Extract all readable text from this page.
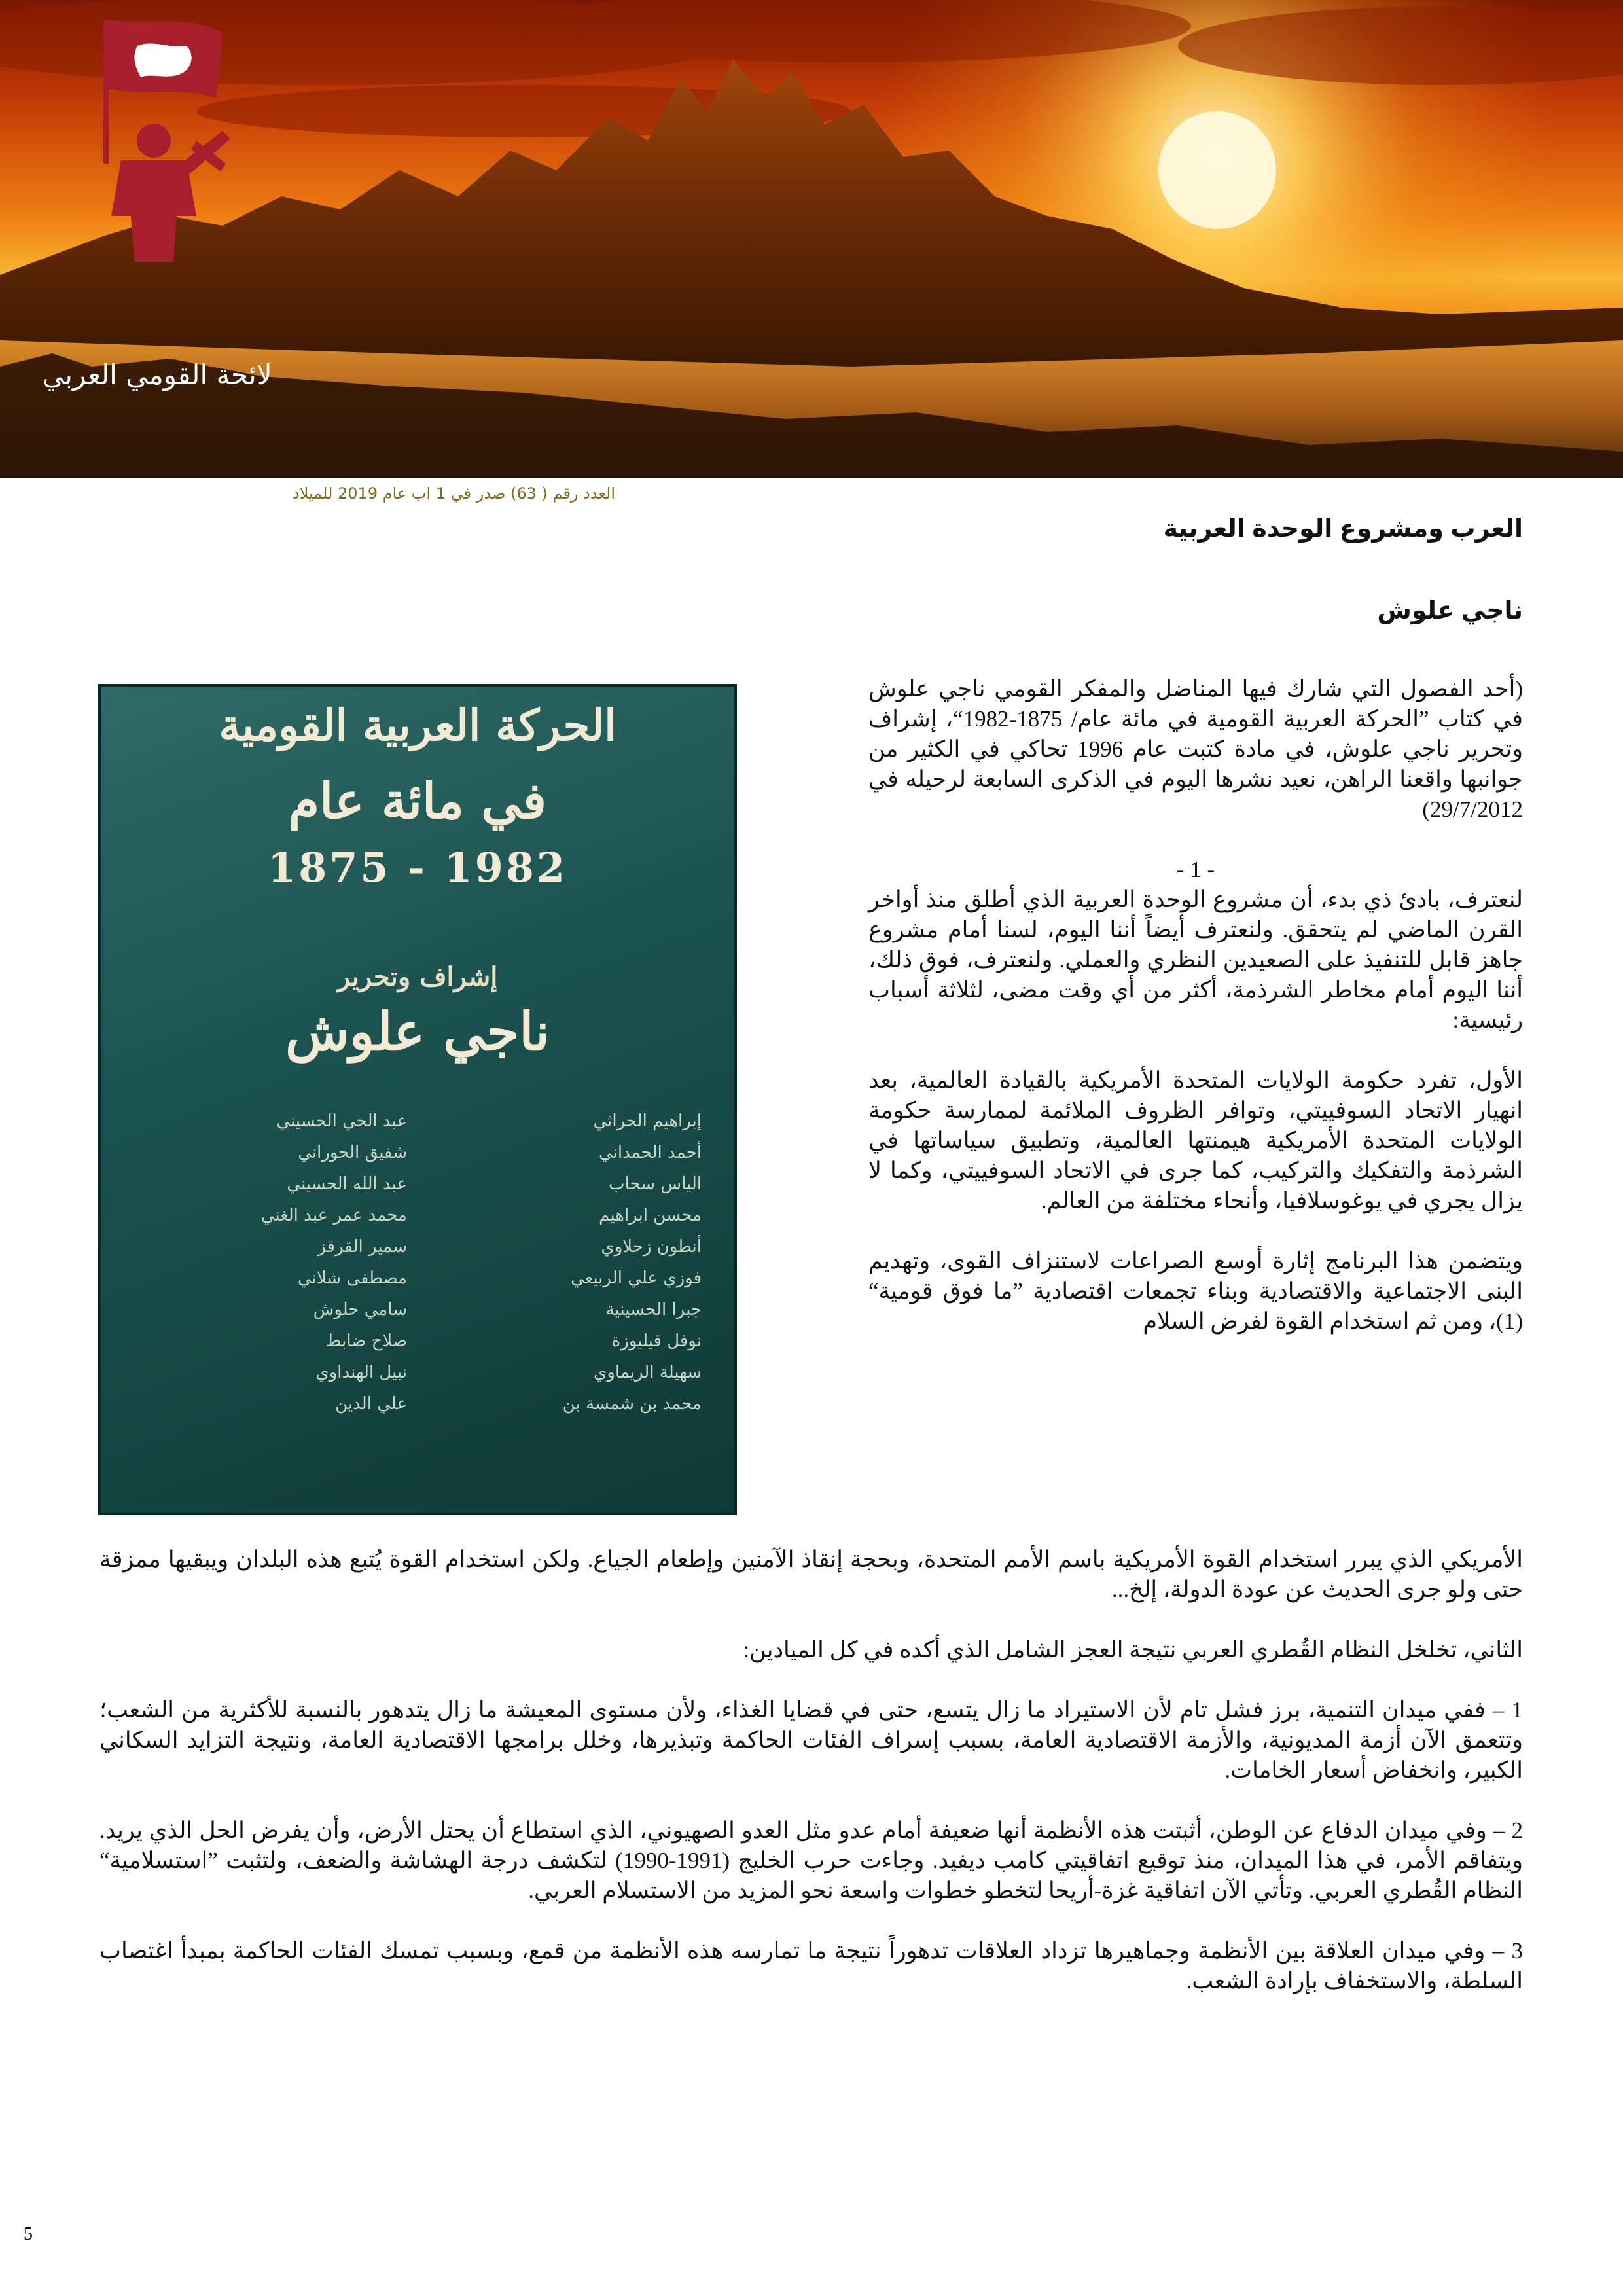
لائحة القومي العربي
العدد رقم ( 63) صدر في 1 اب عام 2019 للميلاد
العرب ومشروع الوحدة العربية
ناجي علوش
الحركة العربية القومية
في مائة عام
1982 - 1875
إشراف وتحرير
ناجي علوش
إبراهيم الحراثي
أحمد الحمداني
الياس سحاب
محسن ابراهيم
أنطون زحلاوي
فوزي علي الربيعي
جبرا الحسينية
نوفل قيليوزة
سهيلة الريماوي
محمد بن شمسة بن
عبد الحي الحسيني
شفيق الحوراني
عبد الله الحسيني
محمد عمر عبد الغني
سمير القرقز
مصطفى شلاني
سامي حلوش
صلاح ضابط
نبيل الهنداوي
علي الدين

(أحد الفصول التي شارك فيها المناضل والمفكر القومي ناجي علوش في كتاب ”الحركة العربية القومية في مائة عام/ 1875-1982“، إشراف وتحرير ناجي علوش، في مادة كتبت عام 1996 تحاكي في الكثير من جوانبها واقعنا الراهن، نعيد نشرها اليوم في الذكرى السابعة لرحيله في 29/7/2012)

- 1 -

لنعترف، بادئ ذي بدء، أن مشروع الوحدة العربية الذي أطلق منذ أواخر القرن الماضي لم يتحقق. ولنعترف أيضاً أننا اليوم، لسنا أمام مشروع جاهز قابل للتنفيذ على الصعيدين النظري والعملي. ولنعترف، فوق ذلك، أننا اليوم أمام مخاطر الشرذمة، أكثر من أي وقت مضى، لثلاثة أسباب رئيسية:

الأول، تفرد حكومة الولايات المتحدة الأمريكية بالقيادة العالمية، بعد انهيار الاتحاد السوفييتي، وتوافر الظروف الملائمة لممارسة حكومة الولايات المتحدة الأمريكية هيمنتها العالمية، وتطبيق سياساتها في الشرذمة والتفكيك والتركيب، كما جرى في الاتحاد السوفييتي، وكما لا يزال يجري في يوغوسلافيا، وأنحاء مختلفة من العالم.

ويتضمن هذا البرنامج إثارة أوسع الصراعات لاستنزاف القوى، وتهديم البنى الاجتماعية والاقتصادية وبناء تجمعات اقتصادية ”ما فوق قومية“ (1)، ومن ثم استخدام القوة لفرض السلام

الأمريكي الذي يبرر استخدام القوة الأمريكية باسم الأمم المتحدة، وبحجة إنقاذ الآمنين وإطعام الجياع. ولكن استخدام القوة يُتبع هذه البلدان ويبقيها ممزقة حتى ولو جرى الحديث عن عودة الدولة، إلخ...

الثاني، تخلخل النظام القُطري العربي نتيجة العجز الشامل الذي أكده في كل الميادين:

1 – ففي ميدان التنمية، برز فشل تام لأن الاستيراد ما زال يتسع، حتى في قضايا الغذاء، ولأن مستوى المعيشة ما زال يتدهور بالنسبة للأكثرية من الشعب؛ وتتعمق الآن أزمة المديونية، والأزمة الاقتصادية العامة، بسبب إسراف الفئات الحاكمة وتبذيرها، وخلل برامجها الاقتصادية العامة، ونتيجة التزايد السكاني الكبير، وانخفاض أسعار الخامات.

2 – وفي ميدان الدفاع عن الوطن، أثبتت هذه الأنظمة أنها ضعيفة أمام عدو مثل العدو الصهيوني، الذي استطاع أن يحتل الأرض، وأن يفرض الحل الذي يريد. ويتفاقم الأمر، في هذا الميدان، منذ توقيع اتفاقيتي كامب ديفيد. وجاءت حرب الخليج (1991-1990) لتكشف درجة الهشاشة والضعف، ولتثبت ”استسلامية“ النظام القُطري العربي. وتأتي الآن اتفاقية غزة-أريحا لتخطو خطوات واسعة نحو المزيد من الاستسلام العربي.

3 – وفي ميدان العلاقة بين الأنظمة وجماهيرها تزداد العلاقات تدهوراً نتيجة ما تمارسه هذه الأنظمة من قمع، وبسبب تمسك الفئات الحاكمة بمبدأ اغتصاب السلطة، والاستخفاف بإرادة الشعب.

5
